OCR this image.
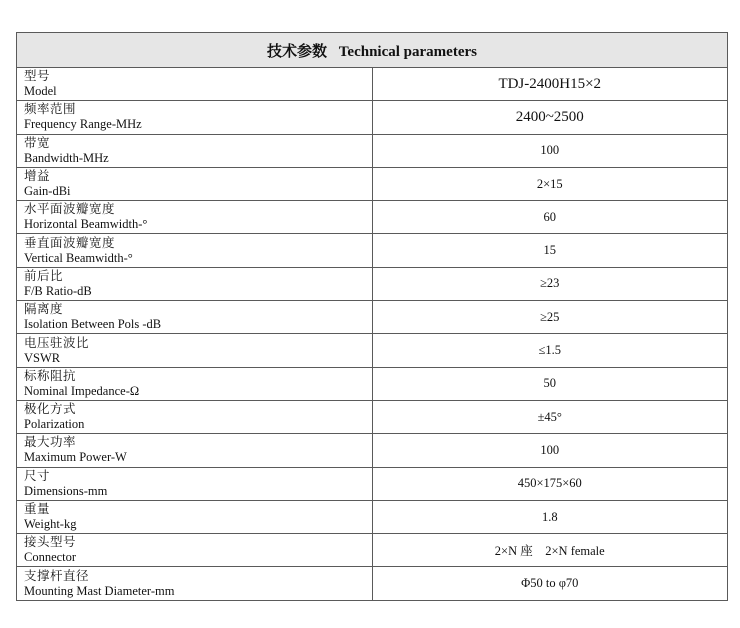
技术参数 Technical parameters	

型号
Model	TDJ-2400H15×2

频率范围
Frequency Range-MHz	2400~2500

带宽
Bandwidth-MHz	100

增益
Gain-dBi	2×15

水平面波瓣宽度
Horizontal Beamwidth-°	60

垂直面波瓣宽度
Vertical Beamwidth-°	15

前后比
F/B Ratio-dB	≥23

隔离度
Isolation Between Pols -dB	≥25

电压驻波比
VSWR	≤1.5

标称阻抗
Nominal Impedance-Ω	50

极化方式
Polarization	±45°

最大功率
Maximum Power-W	100

尺寸
Dimensions-mm	450×175×60

重量
Weight-kg	1.8

接头型号
Connector	2×N 座　2×N female

支撑杆直径
Mounting Mast Diameter-mm	Φ50 to φ70
